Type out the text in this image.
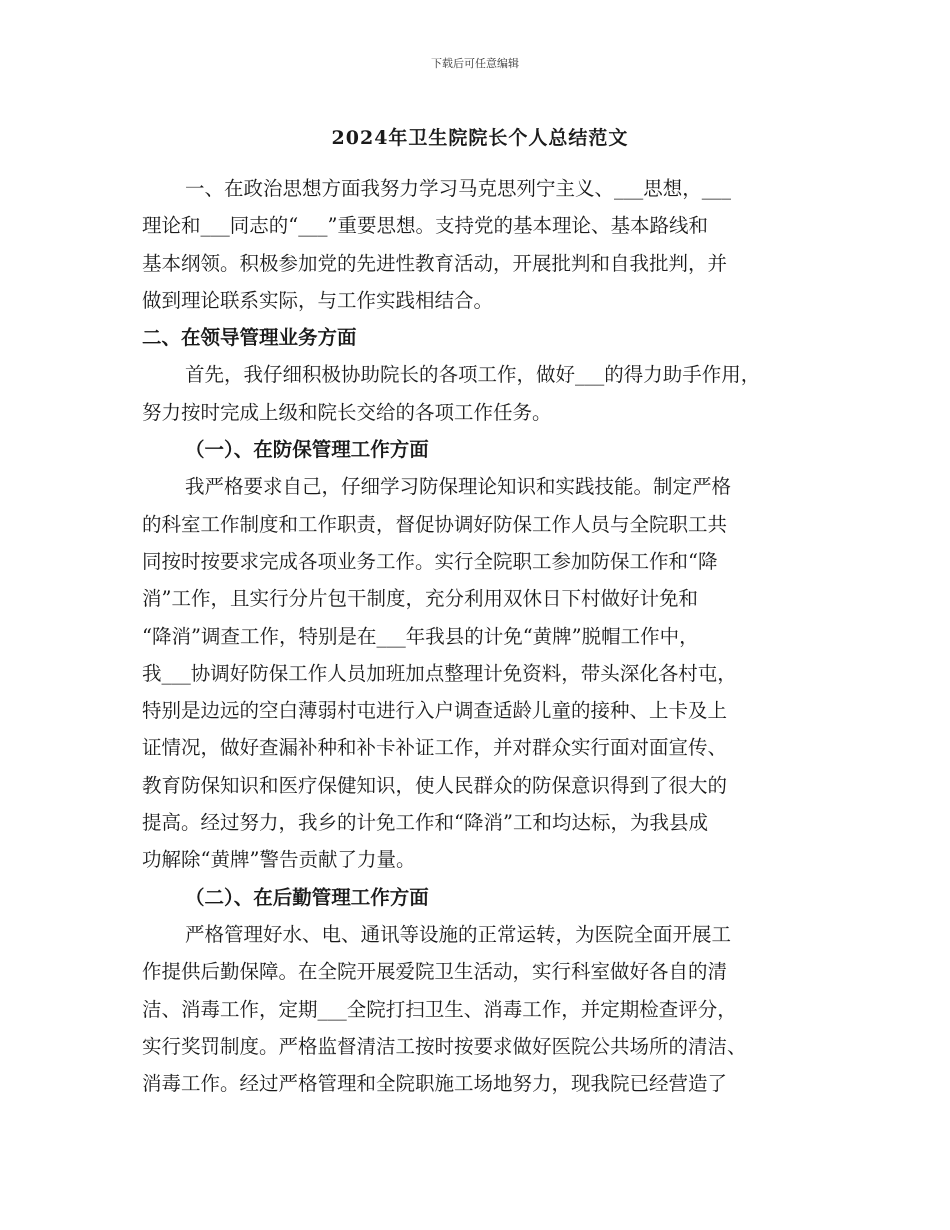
下载后可任意编辑
2024年卫生院院长个人总结范文
一、在政治思想方面我努力学习马克思列宁主义、___思想，___
理论和___同志的“___”重要思想。支持党的基本理论、基本路线和
基本纲领。积极参加党的先进性教育活动，开展批判和自我批判，并
做到理论联系实际，与工作实践相结合。
二、在领导管理业务方面
首先，我仔细积极协助院长的各项工作，做好___的得力助手作用，
努力按时完成上级和院长交给的各项工作任务。
（一）、在防保管理工作方面
我严格要求自己，仔细学习防保理论知识和实践技能。制定严格
的科室工作制度和工作职责，督促协调好防保工作人员与全院职工共
同按时按要求完成各项业务工作。实行全院职工参加防保工作和“降
消”工作，且实行分片包干制度，充分利用双休日下村做好计免和
“降消”调查工作，特别是在___年我县的计免“黄牌”脱帽工作中，
我___协调好防保工作人员加班加点整理计免资料，带头深化各村屯，
特别是边远的空白薄弱村屯进行入户调查适龄儿童的接种、上卡及上
证情况，做好查漏补种和补卡补证工作，并对群众实行面对面宣传、
教育防保知识和医疗保健知识，使人民群众的防保意识得到了很大的
提高。经过努力，我乡的计免工作和“降消”工和均达标，为我县成
功解除“黄牌”警告贡献了力量。
（二）、在后勤管理工作方面
严格管理好水、电、通讯等设施的正常运转，为医院全面开展工
作提供后勤保障。在全院开展爱院卫生活动，实行科室做好各自的清
洁、消毒工作，定期___全院打扫卫生、消毒工作，并定期检查评分，
实行奖罚制度。严格监督清洁工按时按要求做好医院公共场所的清洁、
消毒工作。经过严格管理和全院职施工场地努力，现我院已经营造了
